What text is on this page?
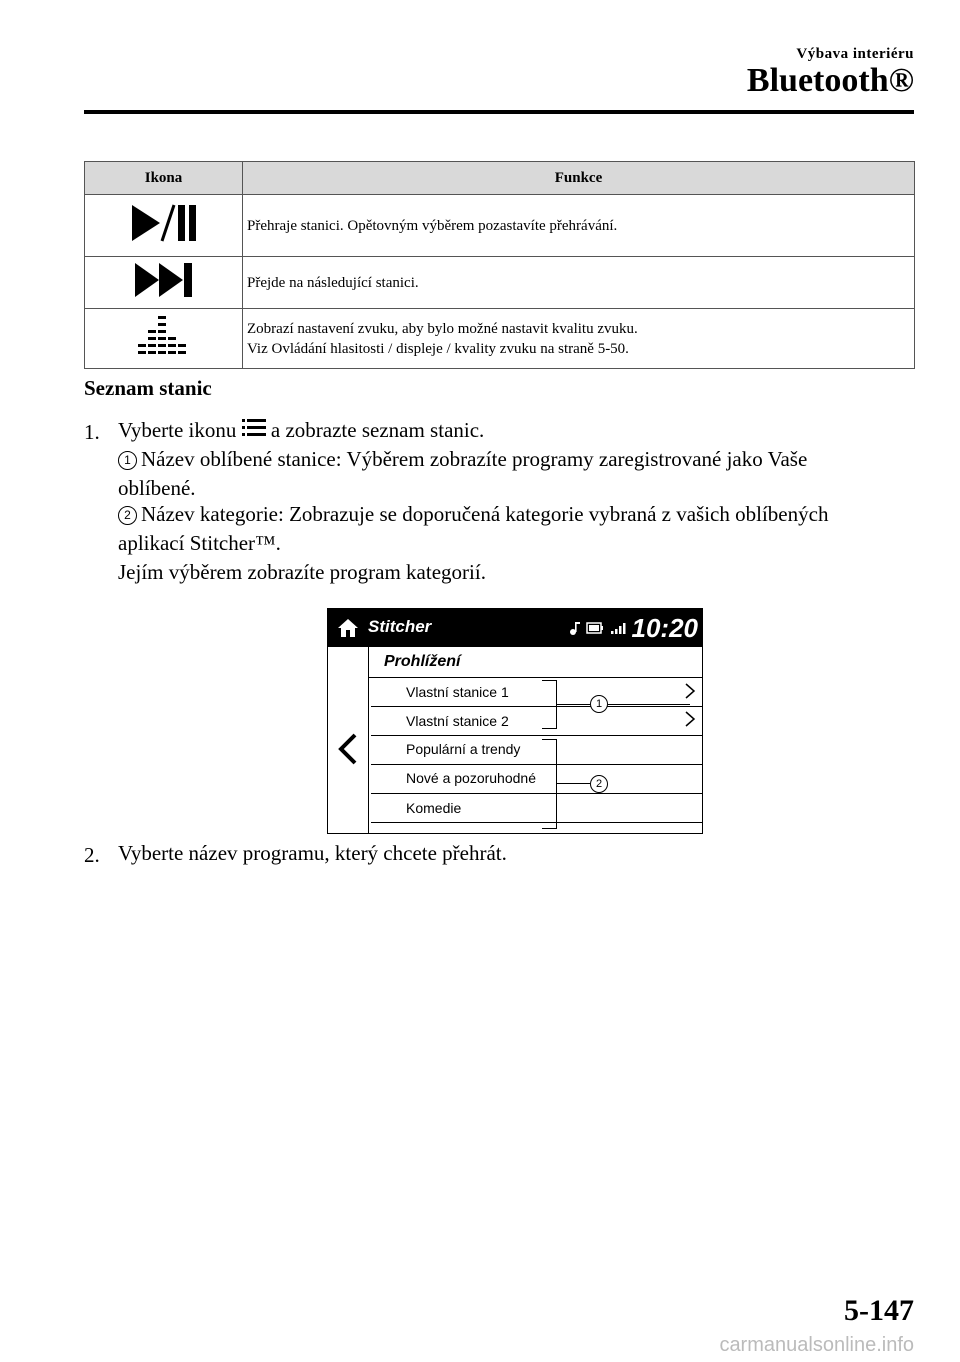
Výbava interiéru
Bluetooth®
Ikona	Funkce
	Přehraje stanici. Opětovným výběrem pozastavíte přehrávání.
	Přejde na následující stanici.

Zobrazí nastavení zvuku, aby bylo možné nastavit kvalitu zvuku.
Viz Ovládání hlasitosti / displeje / kvality zvuku na straně 5-50.
Seznam stanic
1. Vyberte ikonu a zobrazte seznam stanic.
1 Název oblíbené stanice: Výběrem zobrazíte programy zaregistrované jako Vaše
oblíbené.
2 Název kategorie: Zobrazuje se doporučená kategorie vybraná z vašich oblíbených
aplikací Stitcher™.
Jejím výběrem zobrazíte program kategorií.
Stitcher	10:20
Prohlížení
Vlastní stanice 1
Vlastní stanice 2
Populární a trendy
Nové a pozoruhodné
Komedie
1
2
2. Vyberte název programu, který chcete přehrát.
5-147
carmanualsonline.info
